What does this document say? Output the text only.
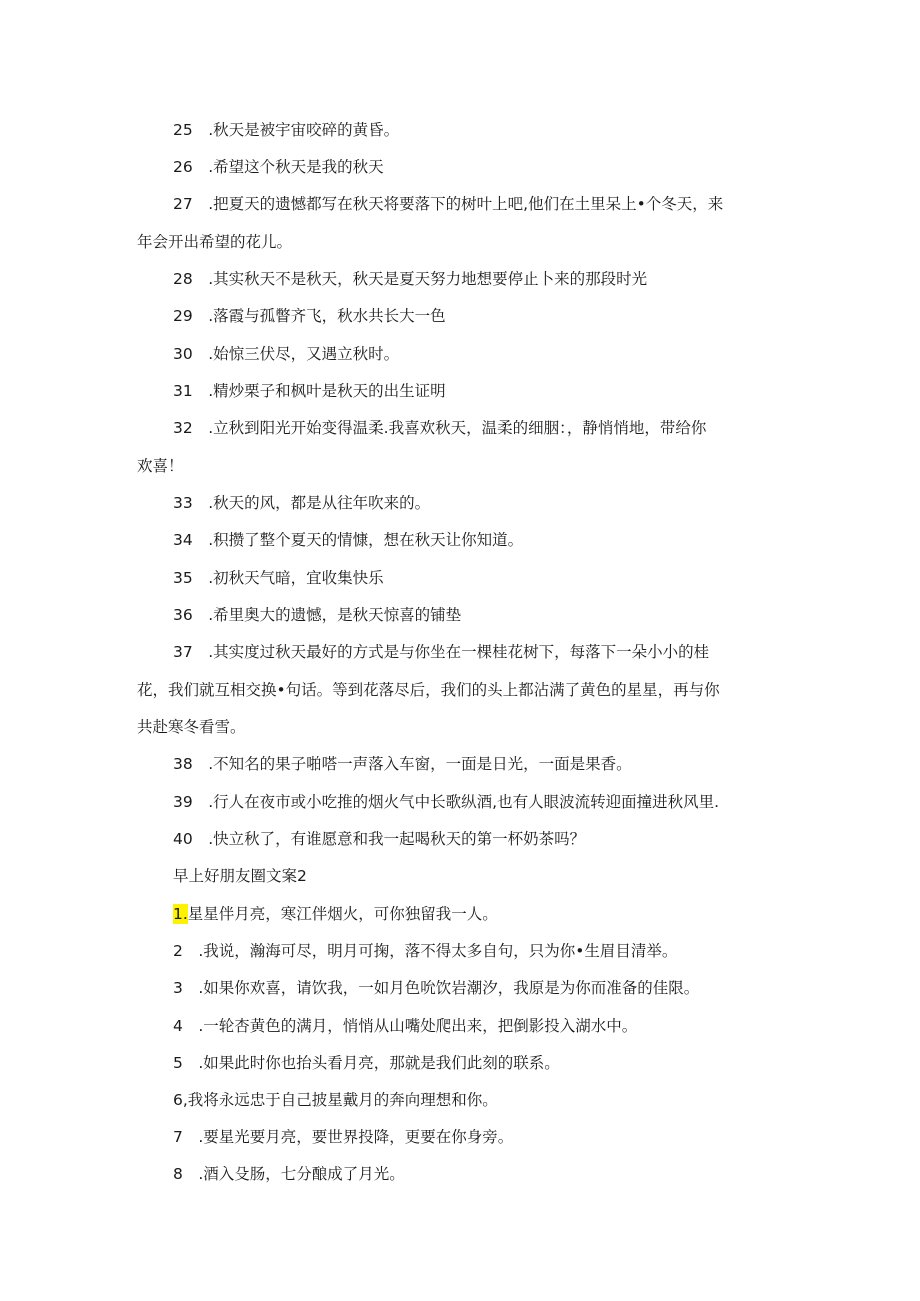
25　.秋天是被宇宙咬碎的黄昏。
26　.希望这个秋天是我的秋天
27　.把夏天的遗憾都写在秋天将要落下的树叶上吧,他们在土里呆上•个冬天，来
年会开出希望的花儿。
28　.其实秋天不是秋天，秋天是夏天努力地想要停止卜来的那段时光
29　.落霞与孤瞥齐飞，秋水共长大一色
30　.始惊三伏尽，又遇立秋时。
31　.精炒栗子和枫叶是秋天的出生证明
32　.立秋到阳光开始变得温柔.我喜欢秋天，温柔的细胭：，静悄悄地，带给你
欢喜！
33　.秋天的风，都是从往年吹来的。
34　.积攒了整个夏天的情慷，想在秋天让你知道。
35　.初秋天气暗，宜收集快乐
36　.希里奥大的遗憾，是秋天惊喜的铺垫
37　.其实度过秋天最好的方式是与你坐在一棵桂花树下，每落下一朵小小的桂
花，我们就互相交换•句话。等到花落尽后，我们的头上都沾满了黄色的星星，再与你
共赴寒冬看雪。
38　.不知名的果子啪嗒一声落入车窗，一面是日光，一面是果香。
39　.行人在夜市或小吃推的烟火气中长歌纵酒,也有人眼波流转迎面撞进秋风里.
40　.快立秋了，有谁愿意和我一起喝秋天的第一杯奶茶吗？
早上好朋友圈文案2
1.星星伴月亮，寒江伴烟火，可你独留我一人。
2　.我说，瀚海可尽，明月可掬，落不得太多自句，只为你•生眉目清举。
3　.如果你欢喜，请饮我，一如月色吮饮岩潮汐，我原是为你而准备的佳限。
4　.一轮杏黄色的满月，悄悄从山嘴处爬出来，把倒影投入湖水中。
5　.如果此时你也抬头看月亮，那就是我们此刻的联系。
6,我将永远忠于自己披星戴月的奔向理想和你。
7　.要星光要月亮，要世界投降，更要在你身旁。
8　.酒入殳肠，七分酿成了月光。
